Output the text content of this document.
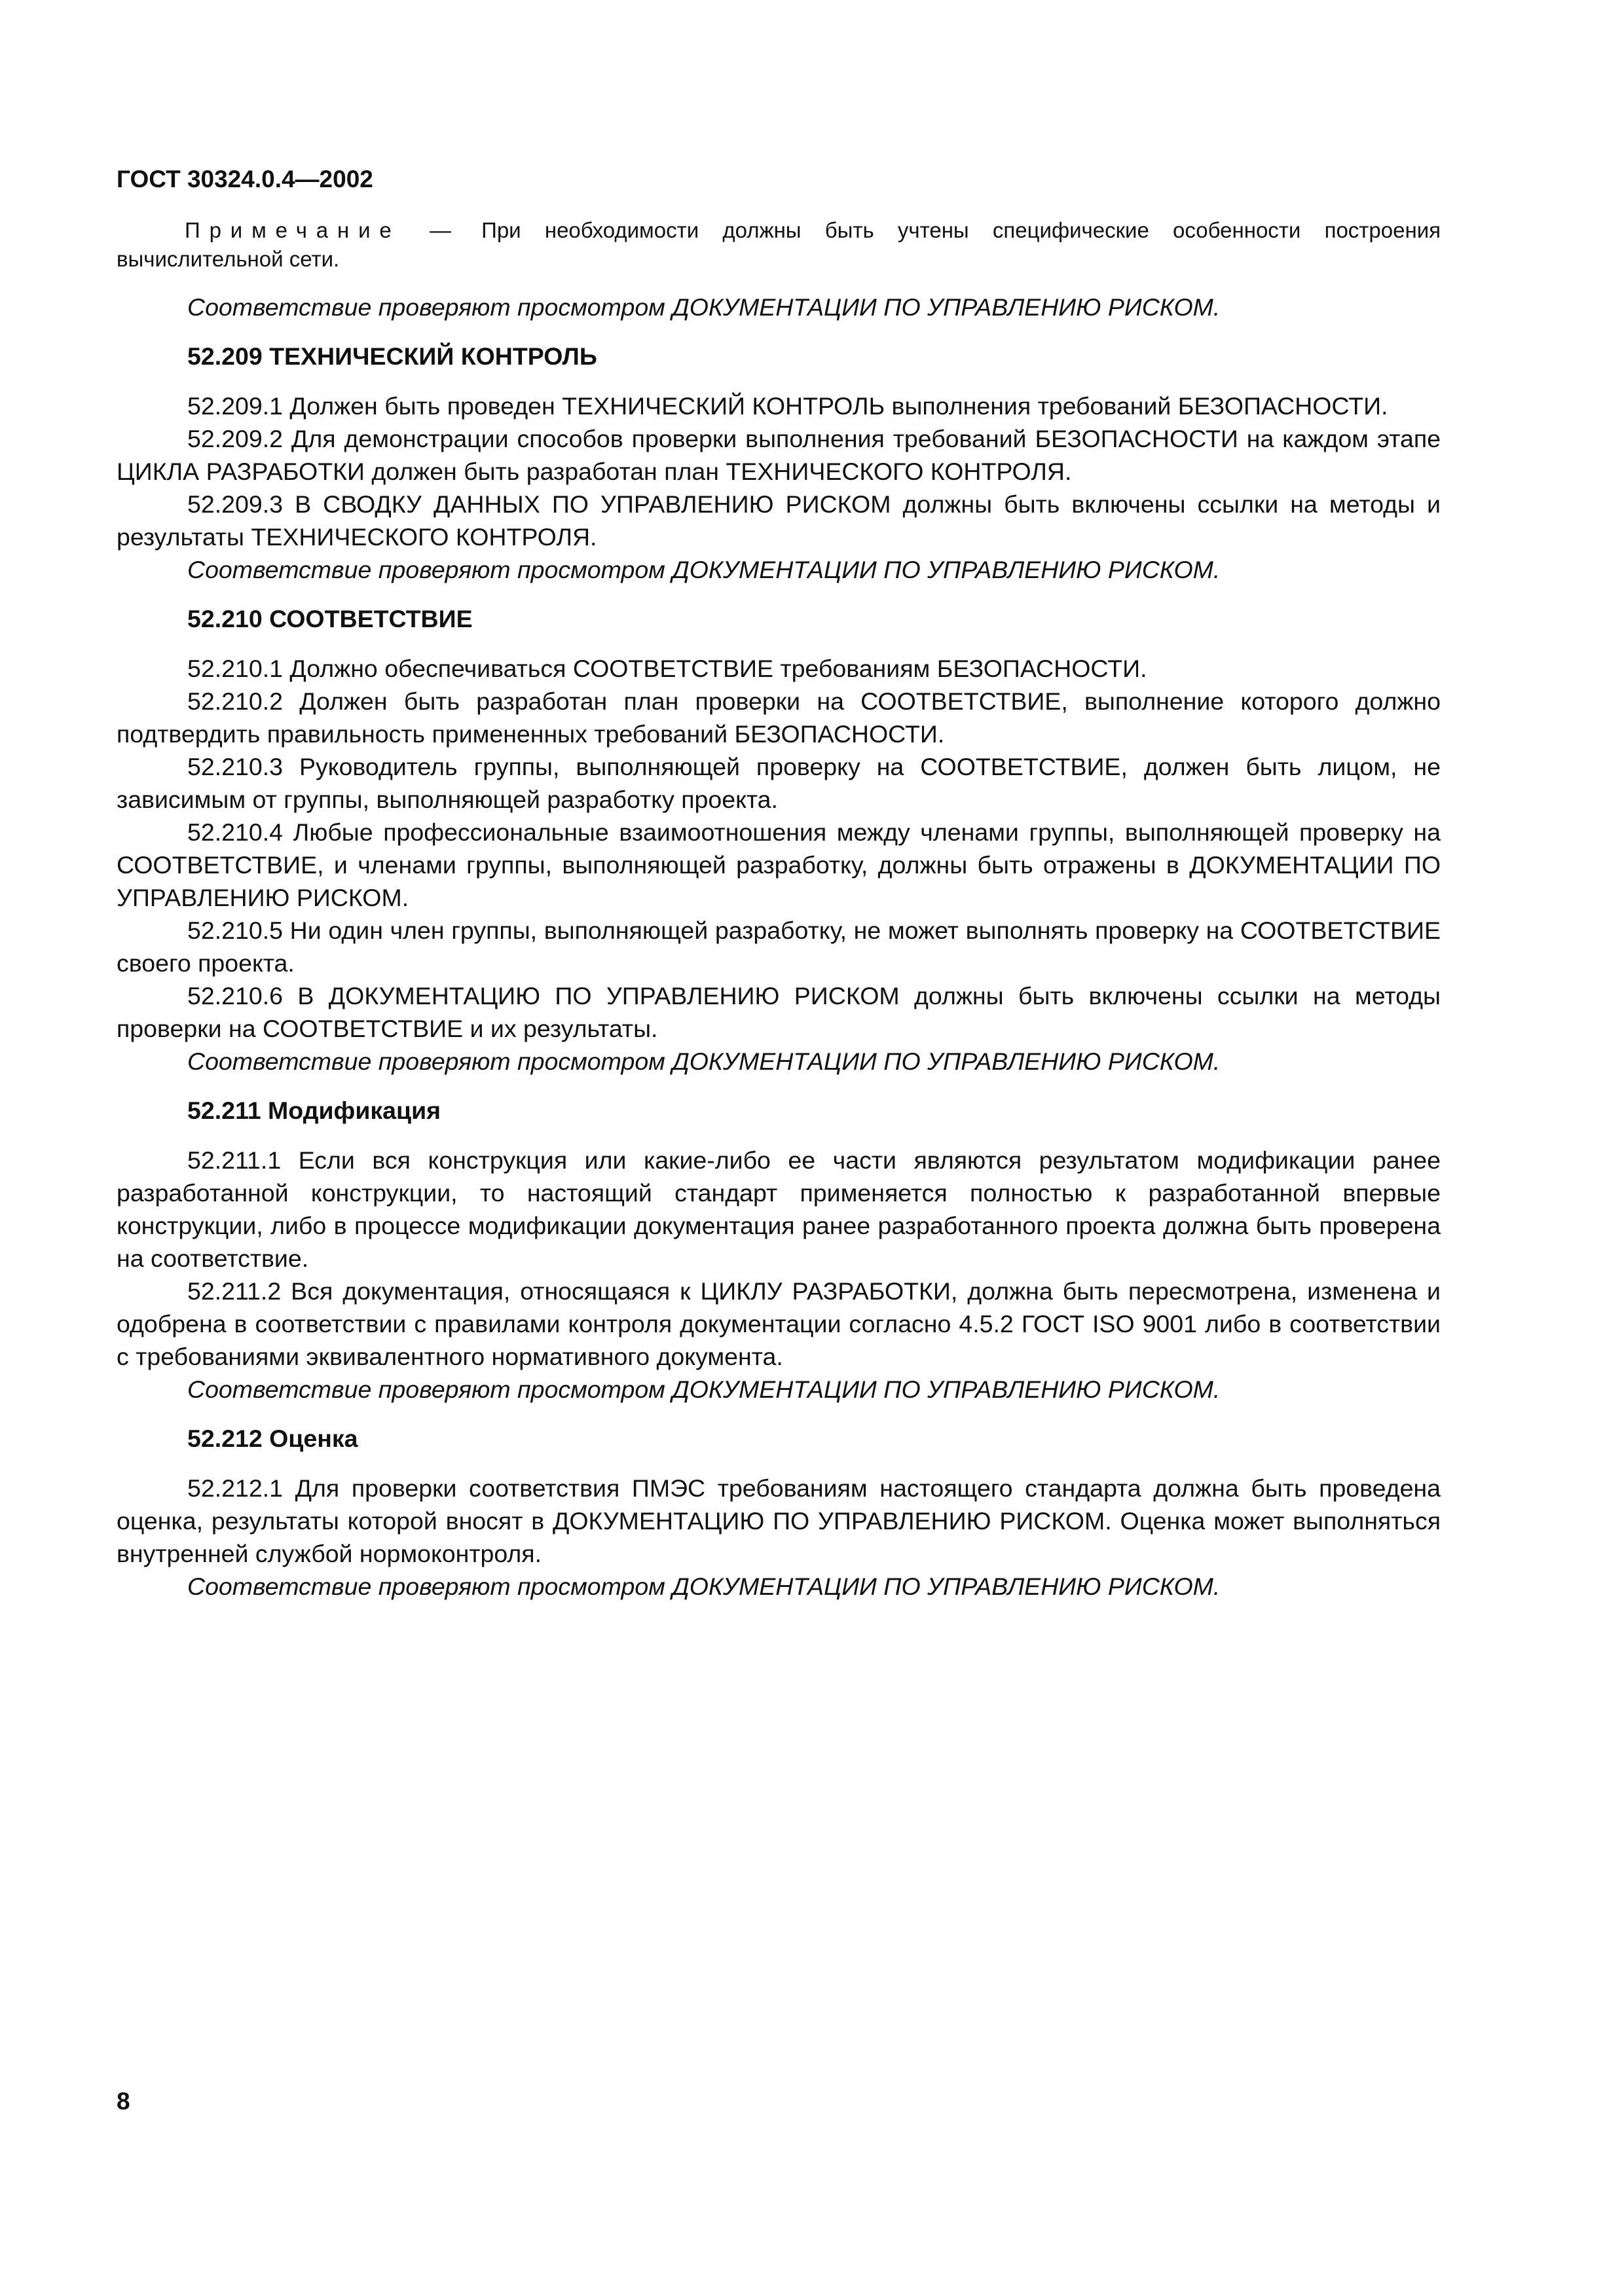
ГОСТ 30324.0.4—2002
Примечание — При необходимости должны быть учтены специфические особенности построения вычислительной сети.

Соответствие проверяют просмотром ДОКУМЕНТАЦИИ ПО УПРАВЛЕНИЮ РИСКОМ.

52.209 ТЕХНИЧЕСКИЙ КОНТРОЛЬ

52.209.1 Должен быть проведен ТЕХНИЧЕСКИЙ КОНТРОЛЬ выполнения требований БЕЗОПАСНОСТИ.

52.209.2 Для демонстрации способов проверки выполнения требований БЕЗОПАСНОСТИ на каждом этапе ЦИКЛА РАЗРАБОТКИ должен быть разработан план ТЕХНИЧЕСКОГО КОНТРОЛЯ.

52.209.3 В СВОДКУ ДАННЫХ ПО УПРАВЛЕНИЮ РИСКОМ должны быть включены ссылки на методы и результаты ТЕХНИЧЕСКОГО КОНТРОЛЯ.

Соответствие проверяют просмотром ДОКУМЕНТАЦИИ ПО УПРАВЛЕНИЮ РИСКОМ.

52.210 СООТВЕТСТВИЕ

52.210.1 Должно обеспечиваться СООТВЕТСТВИЕ требованиям БЕЗОПАСНОСТИ.

52.210.2 Должен быть разработан план проверки на СООТВЕТСТВИЕ, выполнение которого должно подтвердить правильность примененных требований БЕЗОПАСНОСТИ.

52.210.3 Руководитель группы, выполняющей проверку на СООТВЕТСТВИЕ, должен быть лицом, не зависимым от группы, выполняющей разработку проекта.

52.210.4 Любые профессиональные взаимоотношения между членами группы, выполняющей проверку на СООТВЕТСТВИЕ, и членами группы, выполняющей разработку, должны быть отражены в ДОКУМЕНТАЦИИ ПО УПРАВЛЕНИЮ РИСКОМ.

52.210.5 Ни один член группы, выполняющей разработку, не может выполнять проверку на СООТВЕТСТВИЕ своего проекта.

52.210.6 В ДОКУМЕНТАЦИЮ ПО УПРАВЛЕНИЮ РИСКОМ должны быть включены ссылки на методы проверки на СООТВЕТСТВИЕ и их результаты.

Соответствие проверяют просмотром ДОКУМЕНТАЦИИ ПО УПРАВЛЕНИЮ РИСКОМ.

52.211 Модификация

52.211.1 Если вся конструкция или какие-либо ее части являются результатом модификации ранее разработанной конструкции, то настоящий стандарт применяется полностью к разработанной впервые конструкции, либо в процессе модификации документация ранее разработанного проекта должна быть проверена на соответствие.

52.211.2 Вся документация, относящаяся к ЦИКЛУ РАЗРАБОТКИ, должна быть пересмотрена, изменена и одобрена в соответствии с правилами контроля документации согласно 4.5.2 ГОСТ ISO 9001 либо в соответствии с требованиями эквивалентного нормативного документа.

Соответствие проверяют просмотром ДОКУМЕНТАЦИИ ПО УПРАВЛЕНИЮ РИСКОМ.

52.212 Оценка

52.212.1 Для проверки соответствия ПМЭС требованиям настоящего стандарта должна быть проведена оценка, результаты которой вносят в ДОКУМЕНТАЦИЮ ПО УПРАВЛЕНИЮ РИСКОМ. Оценка может выполняться внутренней службой нормоконтроля.

Соответствие проверяют просмотром ДОКУМЕНТАЦИИ ПО УПРАВЛЕНИЮ РИСКОМ.

8
